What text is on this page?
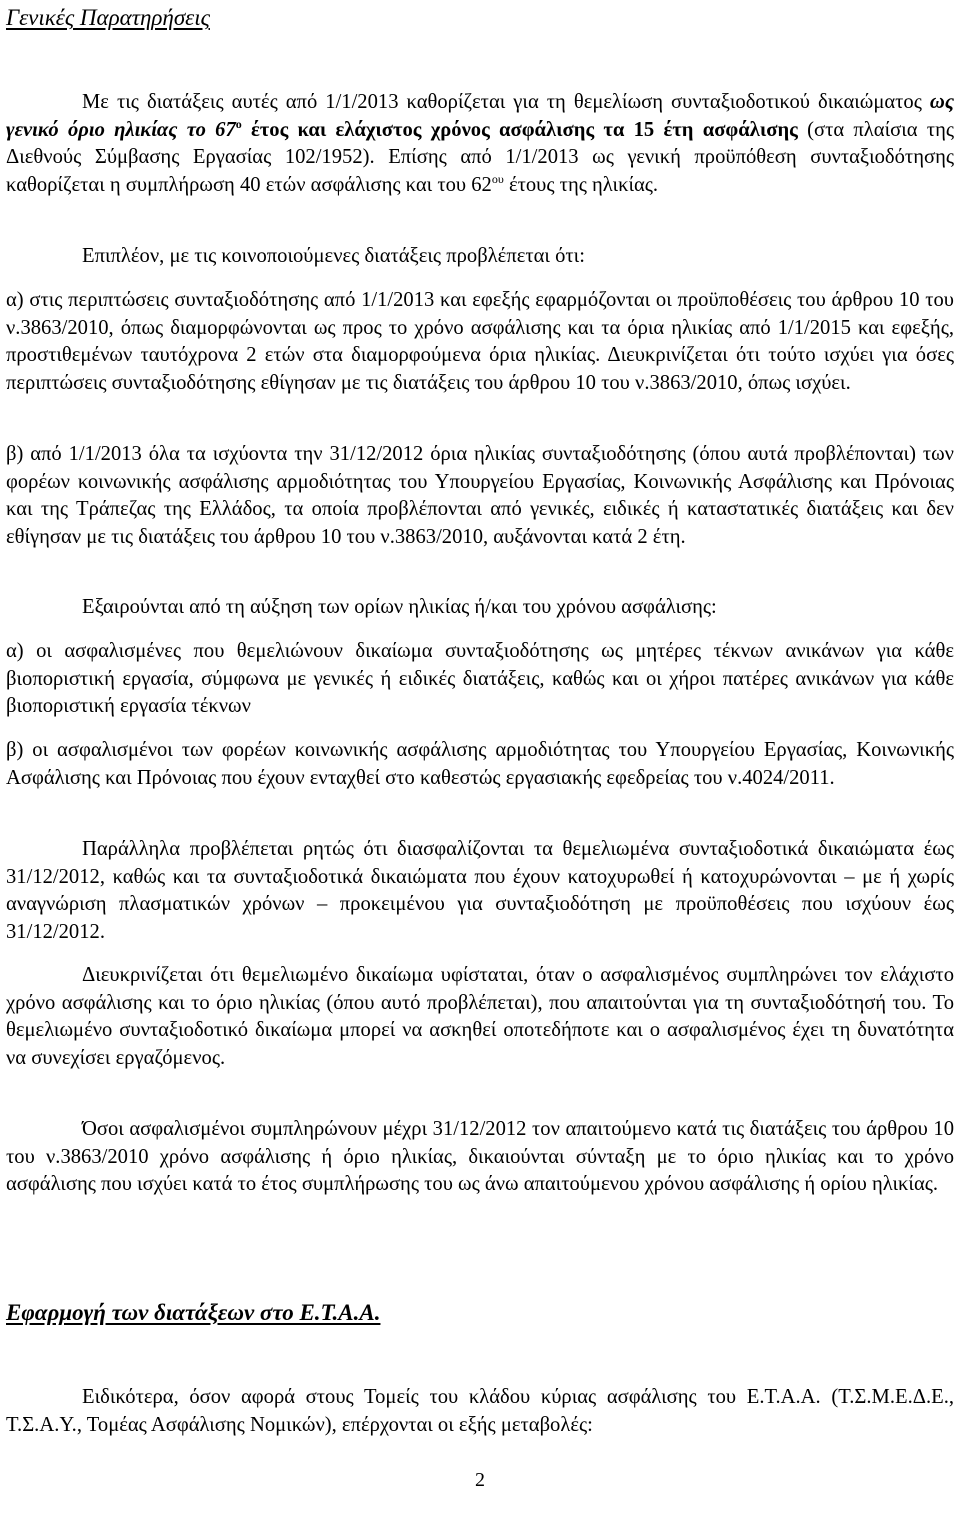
Γενικές Παρατηρήσεις

Με τις διατάξεις αυτές από 1/1/2013 καθορίζεται για τη θεμελίωση συνταξιοδοτικού δικαιώματος ως γενικό όριο ηλικίας το $67^o$ έτος και ελάχιστος χρόνος ασφάλισης τα 15 έτη ασφάλισης (στα πλαίσια της Διεθνούς Σύμβασης Εργασίας 102/1952). Επίσης από 1/1/2013 ως γενική προϋπόθεση συνταξιοδότησης καθορίζεται η συμπλήρωση 40 ετών ασφάλισης και του $62^{o\upsilon}$ έτους της ηλικίας.

Επιπλέον, με τις κοινοποιούμενες διατάξεις προβλέπεται ότι:

α) στις περιπτώσεις συνταξιοδότησης από 1/1/2013 και εφεξής εφαρμόζονται οι προϋποθέσεις του άρθρου 10 του ν.3863/2010, όπως διαμορφώνονται ως προς το χρόνο ασφάλισης και τα όρια ηλικίας από 1/1/2015 και εφεξής, προστιθεμένων ταυτόχρονα 2 ετών στα διαμορφούμενα όρια ηλικίας. Διευκρινίζεται ότι τούτο ισχύει για όσες περιπτώσεις συνταξιοδότησης εθίγησαν με τις διατάξεις του άρθρου 10 του ν.3863/2010, όπως ισχύει.

β) από 1/1/2013 όλα τα ισχύοντα την 31/12/2012 όρια ηλικίας συνταξιοδότησης (όπου αυτά προβλέπονται) των φορέων κοινωνικής ασφάλισης αρμοδιότητας του Υπουργείου Εργασίας, Κοινωνικής Ασφάλισης και Πρόνοιας και της Τράπεζας της Ελλάδος, τα οποία προβλέπονται από γενικές, ειδικές ή καταστατικές διατάξεις και δεν εθίγησαν με τις διατάξεις του άρθρου 10 του ν.3863/2010, αυξάνονται κατά 2 έτη.

Εξαιρούνται από τη αύξηση των ορίων ηλικίας ή/και του χρόνου ασφάλισης:

α) οι ασφαλισμένες που θεμελιώνουν δικαίωμα συνταξιοδότησης ως μητέρες τέκνων ανικάνων για κάθε βιοποριστική εργασία, σύμφωνα με γενικές ή ειδικές διατάξεις, καθώς και οι χήροι πατέρες ανικάνων για κάθε βιοποριστική εργασία τέκνων

β) οι ασφαλισμένοι των φορέων κοινωνικής ασφάλισης αρμοδιότητας του Υπουργείου Εργασίας, Κοινωνικής Ασφάλισης και Πρόνοιας που έχουν ενταχθεί στο καθεστώς εργασιακής εφεδρείας του ν.4024/2011.

Παράλληλα προβλέπεται ρητώς ότι διασφαλίζονται τα θεμελιωμένα συνταξιοδοτικά δικαιώματα έως 31/12/2012, καθώς και τα συνταξιοδοτικά δικαιώματα που έχουν κατοχυρωθεί ή κατοχυρώνονται – με ή χωρίς αναγνώριση πλασματικών χρόνων – προκειμένου για συνταξιοδότηση με προϋποθέσεις που ισχύουν έως 31/12/2012.

Διευκρινίζεται ότι θεμελιωμένο δικαίωμα υφίσταται, όταν ο ασφαλισμένος συμπληρώνει τον ελάχιστο χρόνο ασφάλισης και το όριο ηλικίας (όπου αυτό προβλέπεται), που απαιτούνται για τη συνταξιοδότησή του. Το θεμελιωμένο συνταξιοδοτικό δικαίωμα μπορεί να ασκηθεί οποτεδήποτε και ο ασφαλισμένος έχει τη δυνατότητα να συνεχίσει εργαζόμενος.

Όσοι ασφαλισμένοι συμπληρώνουν μέχρι 31/12/2012 τον απαιτούμενο κατά τις διατάξεις του άρθρου 10 του ν.3863/2010 χρόνο ασφάλισης ή όριο ηλικίας, δικαιούνται σύνταξη με το όριο ηλικίας και το χρόνο ασφάλισης που ισχύει κατά το έτος συμπλήρωσης του ως άνω απαιτούμενου χρόνου ασφάλισης ή ορίου ηλικίας.

Εφαρμογή των διατάξεων στο Ε.Τ.Α.Α.

Ειδικότερα, όσον αφορά στους Τομείς του κλάδου κύριας ασφάλισης του Ε.Τ.Α.Α. (Τ.Σ.Μ.Ε.Δ.Ε., Τ.Σ.Α.Υ., Τομέας Ασφάλισης Νομικών), επέρχονται οι εξής μεταβολές:

2
